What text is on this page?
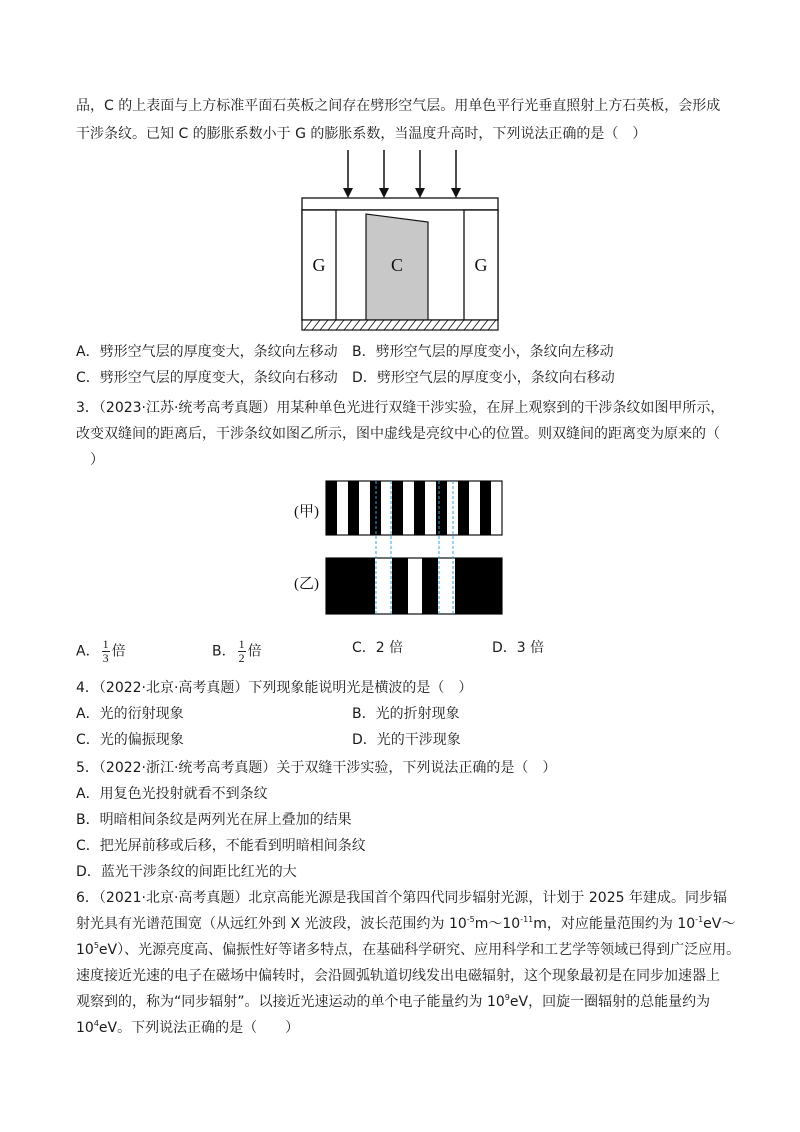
品，C 的上表面与上方标准平面石英板之间存在劈形空气层。用单色平行光垂直照射上方石英板，会形成
干涉条纹。已知 C 的膨胀系数小于 G 的膨胀系数，当温度升高时，下列说法正确的是（　）
G	C	G
A．劈形空气层的厚度变大，条纹向左移动 B．劈形空气层的厚度变小，条纹向左移动
C．劈形空气层的厚度变大，条纹向右移动 D．劈形空气层的厚度变小，条纹向右移动
3．（2023·江苏·统考高考真题）用某种单色光进行双缝干涉实验，在屏上观察到的干涉条纹如图甲所示，
改变双缝间的距离后，干涉条纹如图乙所示，图中虚线是亮纹中心的位置。则双缝间的距离变为原来的（
　）
(甲)
(乙)
A． $\frac{1}{3}$ 倍	B． $\frac{1}{2}$ 倍	C．2 倍	D．3 倍
4．（2022·北京·高考真题）下列现象能说明光是横波的是（　）
A．光的衍射现象	B．光的折射现象
C．光的偏振现象	D．光的干涉现象
5．（2022·浙江·统考高考真题）关于双缝干涉实验，下列说法正确的是（　）
A．用复色光投射就看不到条纹
B．明暗相间条纹是两列光在屏上叠加的结果
C．把光屏前移或后移，不能看到明暗相间条纹
D．蓝光干涉条纹的间距比红光的大
6．（2021·北京·高考真题）北京高能光源是我国首个第四代同步辐射光源，计划于 2025 年建成。同步辐
射光具有光谱范围宽（从远红外到 X 光波段，波长范围约为 $10^{-5}m\sim 10^{-11}m$，对应能量范围约为 $10^{-1}eV\sim$
$10^5eV$）、光源亮度高、偏振性好等诸多特点，在基础科学研究、应用科学和工艺学等领域已得到广泛应用。
速度接近光速的电子在磁场中偏转时，会沿圆弧轨道切线发出电磁辐射，这个现象最初是在同步加速器上
观察到的，称为“同步辐射”。以接近光速运动的单个电子能量约为 $10^9eV$，回旋一圈辐射的总能量约为
$10^4eV$。下列说法正确的是（　　）
